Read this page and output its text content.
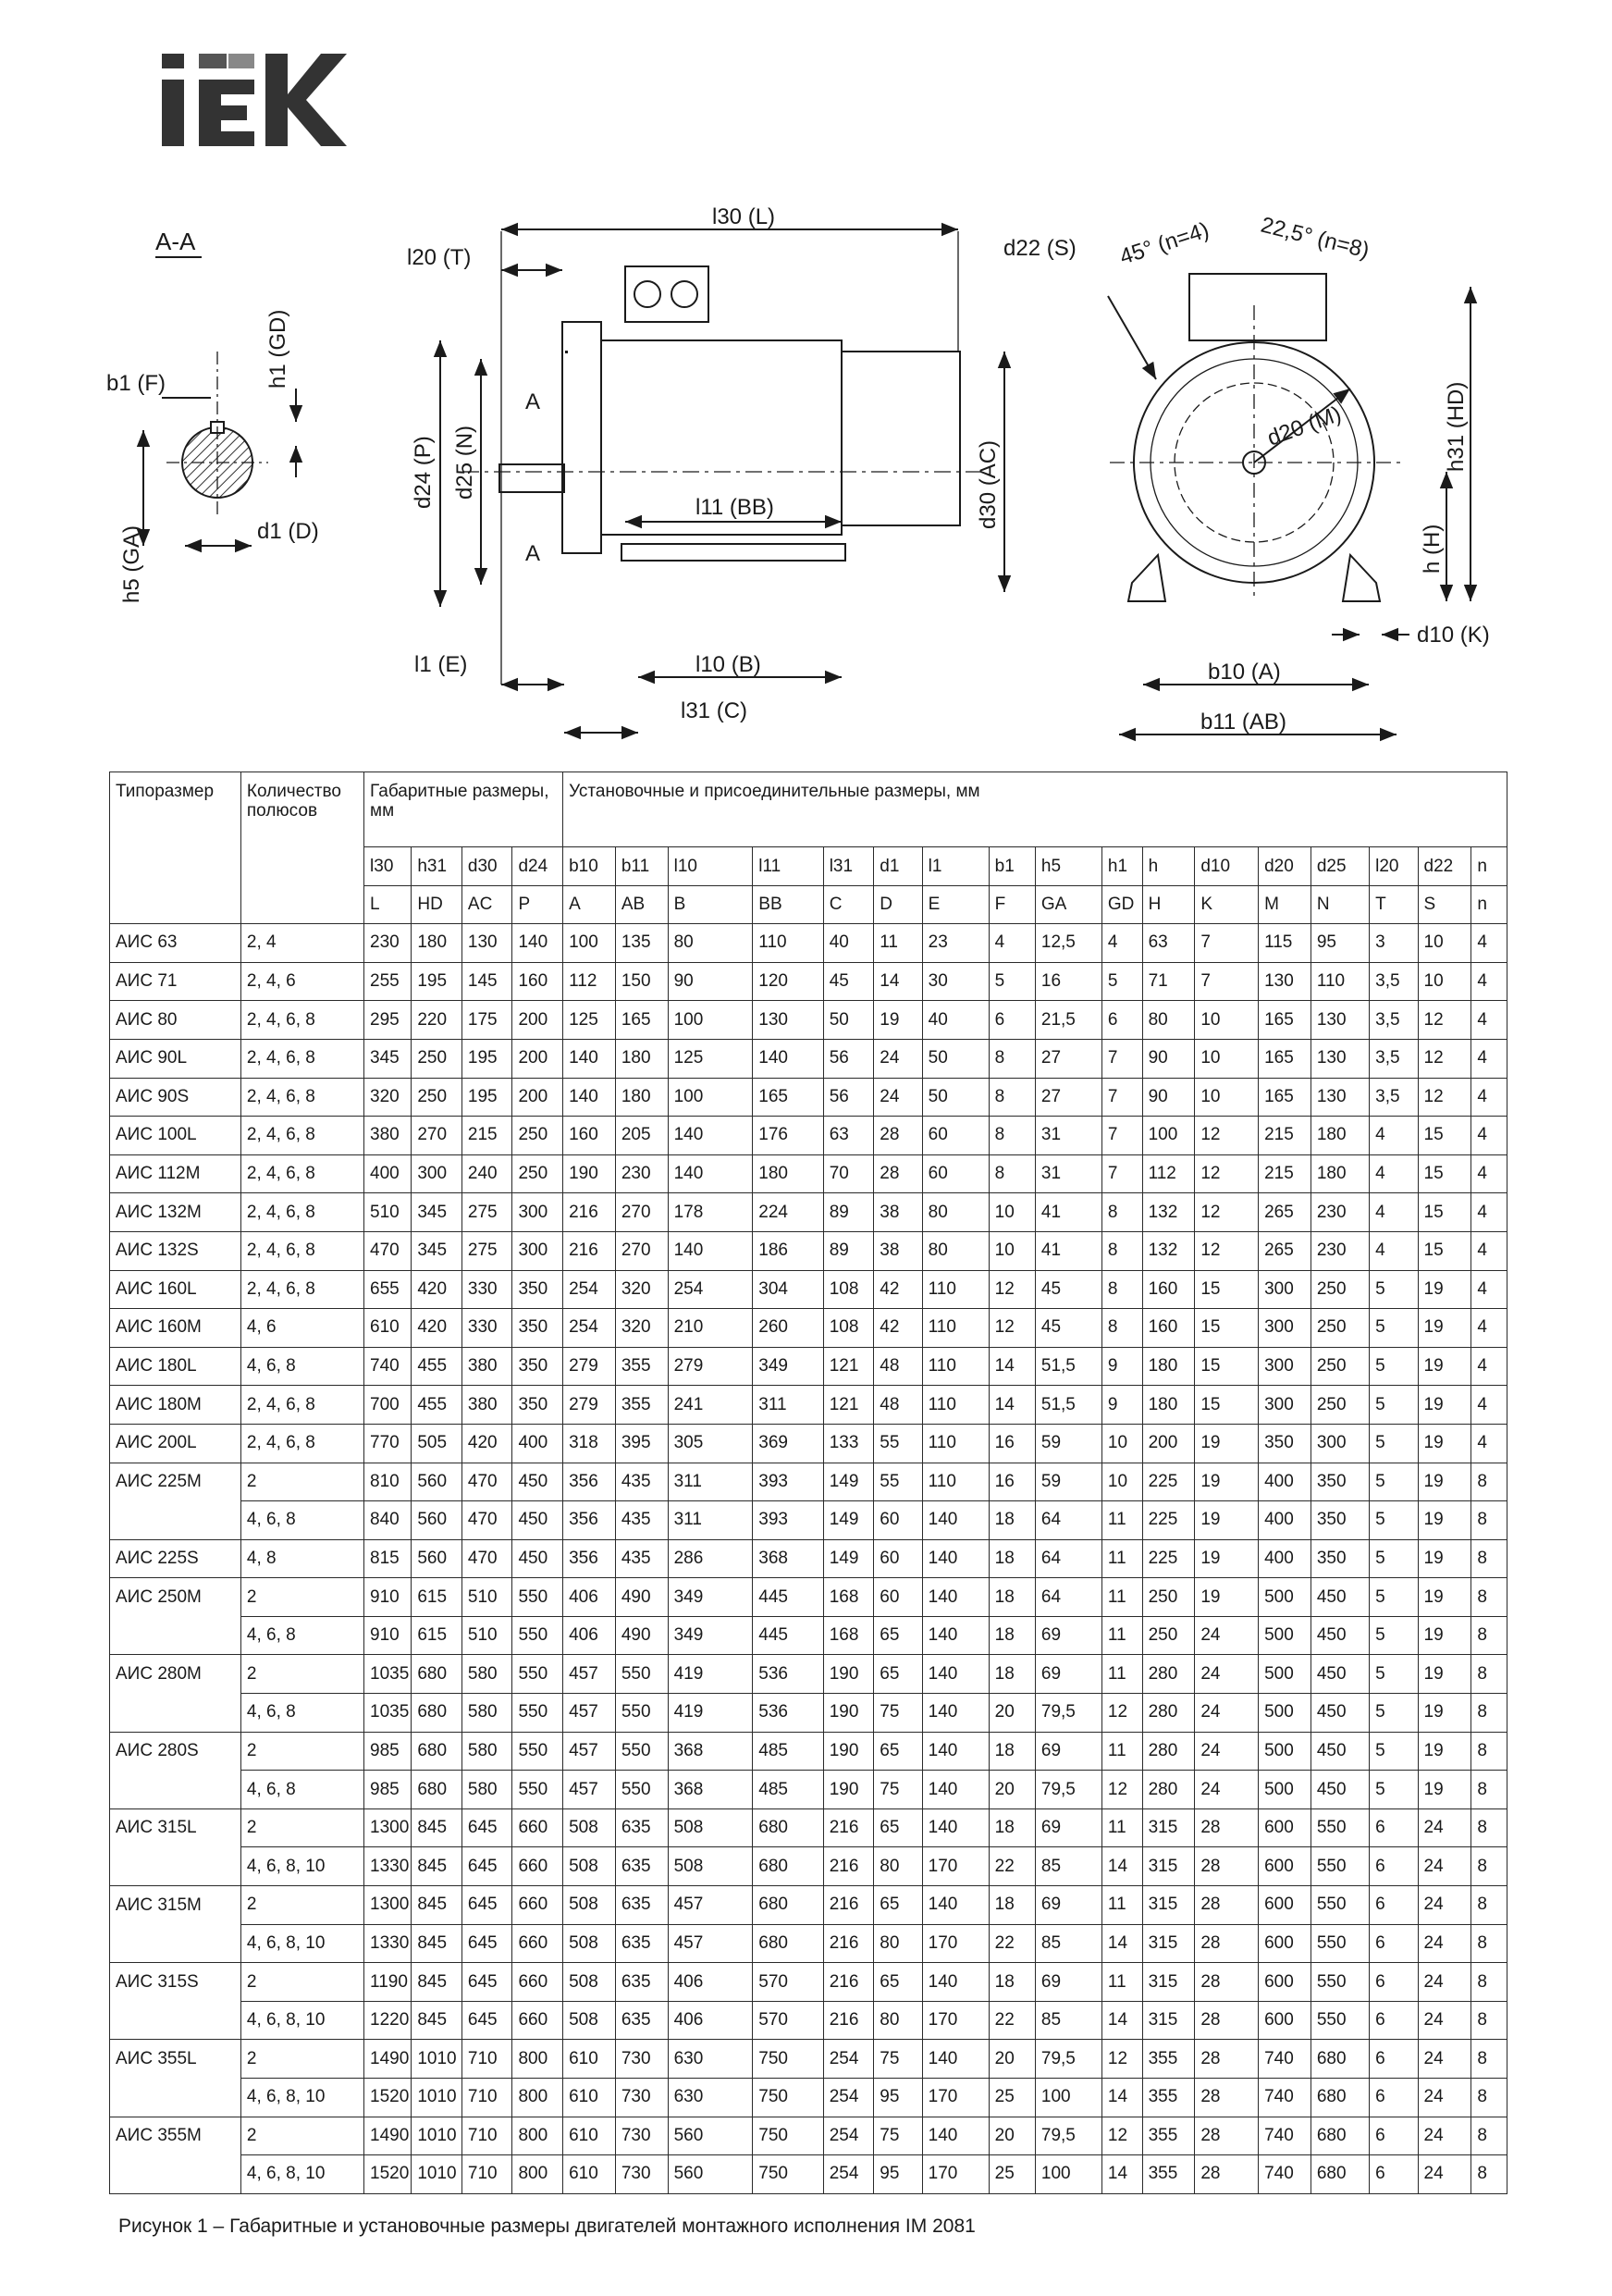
A-A
h1 (GD)
b1 (F)
h5 (GA)	d1 (D)
l30 (L)
l20 (T)
d24 (P) d25 (N)
A
A
l11 (BB)	d30 (AC)
l1 (E)	l10 (B)
l31 (C)
d22 (S) 45° (n=4) 22,5° (n=8)
d20 (M)	h31 (HD)
h (H)
d10 (K)
b10 (A)
b11 (AB)
Типоразмер	Количество полюсов	Габаритные размеры, мм				Установочные и присоединительные размеры, мм																
		l30	h31	d30	d24	b10	b11	l10	l11	l31	d1	l1	b1	h5	h1	h	d10	d20	d25	l20	d22	n
		L	HD	AC	P	A	AB	B	BB	C	D	E	F	GA	GD	H	K	M	N	T	S	n
АИС 63	2, 4	230	180	130	140	100	135	80	110	40	11	23	4	12,5	4	63	7	115	95	3	10	4
АИС 71	2, 4, 6	255	195	145	160	112	150	90	120	45	14	30	5	16	5	71	7	130	110	3,5	10	4
АИС 80	2, 4, 6, 8	295	220	175	200	125	165	100	130	50	19	40	6	21,5	6	80	10	165	130	3,5	12	4
АИС 90L	2, 4, 6, 8	345	250	195	200	140	180	125	140	56	24	50	8	27	7	90	10	165	130	3,5	12	4
АИС 90S	2, 4, 6, 8	320	250	195	200	140	180	100	165	56	24	50	8	27	7	90	10	165	130	3,5	12	4
АИС 100L	2, 4, 6, 8	380	270	215	250	160	205	140	176	63	28	60	8	31	7	100	12	215	180	4	15	4
АИС 112M	2, 4, 6, 8	400	300	240	250	190	230	140	180	70	28	60	8	31	7	112	12	215	180	4	15	4
АИС 132M	2, 4, 6, 8	510	345	275	300	216	270	178	224	89	38	80	10	41	8	132	12	265	230	4	15	4
АИС 132S	2, 4, 6, 8	470	345	275	300	216	270	140	186	89	38	80	10	41	8	132	12	265	230	4	15	4
АИС 160L	2, 4, 6, 8	655	420	330	350	254	320	254	304	108	42	110	12	45	8	160	15	300	250	5	19	4
АИС 160M	4, 6	610	420	330	350	254	320	210	260	108	42	110	12	45	8	160	15	300	250	5	19	4
АИС 180L	4, 6, 8	740	455	380	350	279	355	279	349	121	48	110	14	51,5	9	180	15	300	250	5	19	4
АИС 180M	2, 4, 6, 8	700	455	380	350	279	355	241	311	121	48	110	14	51,5	9	180	15	300	250	5	19	4
АИС 200L	2, 4, 6, 8	770	505	420	400	318	395	305	369	133	55	110	16	59	10	200	19	350	300	5	19	4
АИС 225M	2	810	560	470	450	356	435	311	393	149	55	110	16	59	10	225	19	400	350	5	19	8
	4, 6, 8	840	560	470	450	356	435	311	393	149	60	140	18	64	11	225	19	400	350	5	19	8
АИС 225S	4, 8	815	560	470	450	356	435	286	368	149	60	140	18	64	11	225	19	400	350	5	19	8
АИС 250M	2	910	615	510	550	406	490	349	445	168	60	140	18	64	11	250	19	500	450	5	19	8
	4, 6, 8	910	615	510	550	406	490	349	445	168	65	140	18	69	11	250	24	500	450	5	19	8
АИС 280M	2	1035	680	580	550	457	550	419	536	190	65	140	18	69	11	280	24	500	450	5	19	8
	4, 6, 8	1035	680	580	550	457	550	419	536	190	75	140	20	79,5	12	280	24	500	450	5	19	8
АИС 280S	2	985	680	580	550	457	550	368	485	190	65	140	18	69	11	280	24	500	450	5	19	8
	4, 6, 8	985	680	580	550	457	550	368	485	190	75	140	20	79,5	12	280	24	500	450	5	19	8
АИС 315L	2	1300	845	645	660	508	635	508	680	216	65	140	18	69	11	315	28	600	550	6	24	8
	4, 6, 8, 10	1330	845	645	660	508	635	508	680	216	80	170	22	85	14	315	28	600	550	6	24	8
АИС 315M	2	1300	845	645	660	508	635	457	680	216	65	140	18	69	11	315	28	600	550	6	24	8
	4, 6, 8, 10	1330	845	645	660	508	635	457	680	216	80	170	22	85	14	315	28	600	550	6	24	8
АИС 315S	2	1190	845	645	660	508	635	406	570	216	65	140	18	69	11	315	28	600	550	6	24	8
	4, 6, 8, 10	1220	845	645	660	508	635	406	570	216	80	170	22	85	14	315	28	600	550	6	24	8
АИС 355L	2	1490	1010	710	800	610	730	630	750	254	75	140	20	79,5	12	355	28	740	680	6	24	8
	4, 6, 8, 10	1520	1010	710	800	610	730	630	750	254	95	170	25	100	14	355	28	740	680	6	24	8
АИС 355M	2	1490	1010	710	800	610	730	560	750	254	75	140	20	79,5	12	355	28	740	680	6	24	8
	4, 6, 8, 10	1520	1010	710	800	610	730	560	750	254	95	170	25	100	14	355	28	740	680	6	24	8
Рисунок 1 – Габаритные и установочные размеры двигателей монтажного исполнения IM 2081
